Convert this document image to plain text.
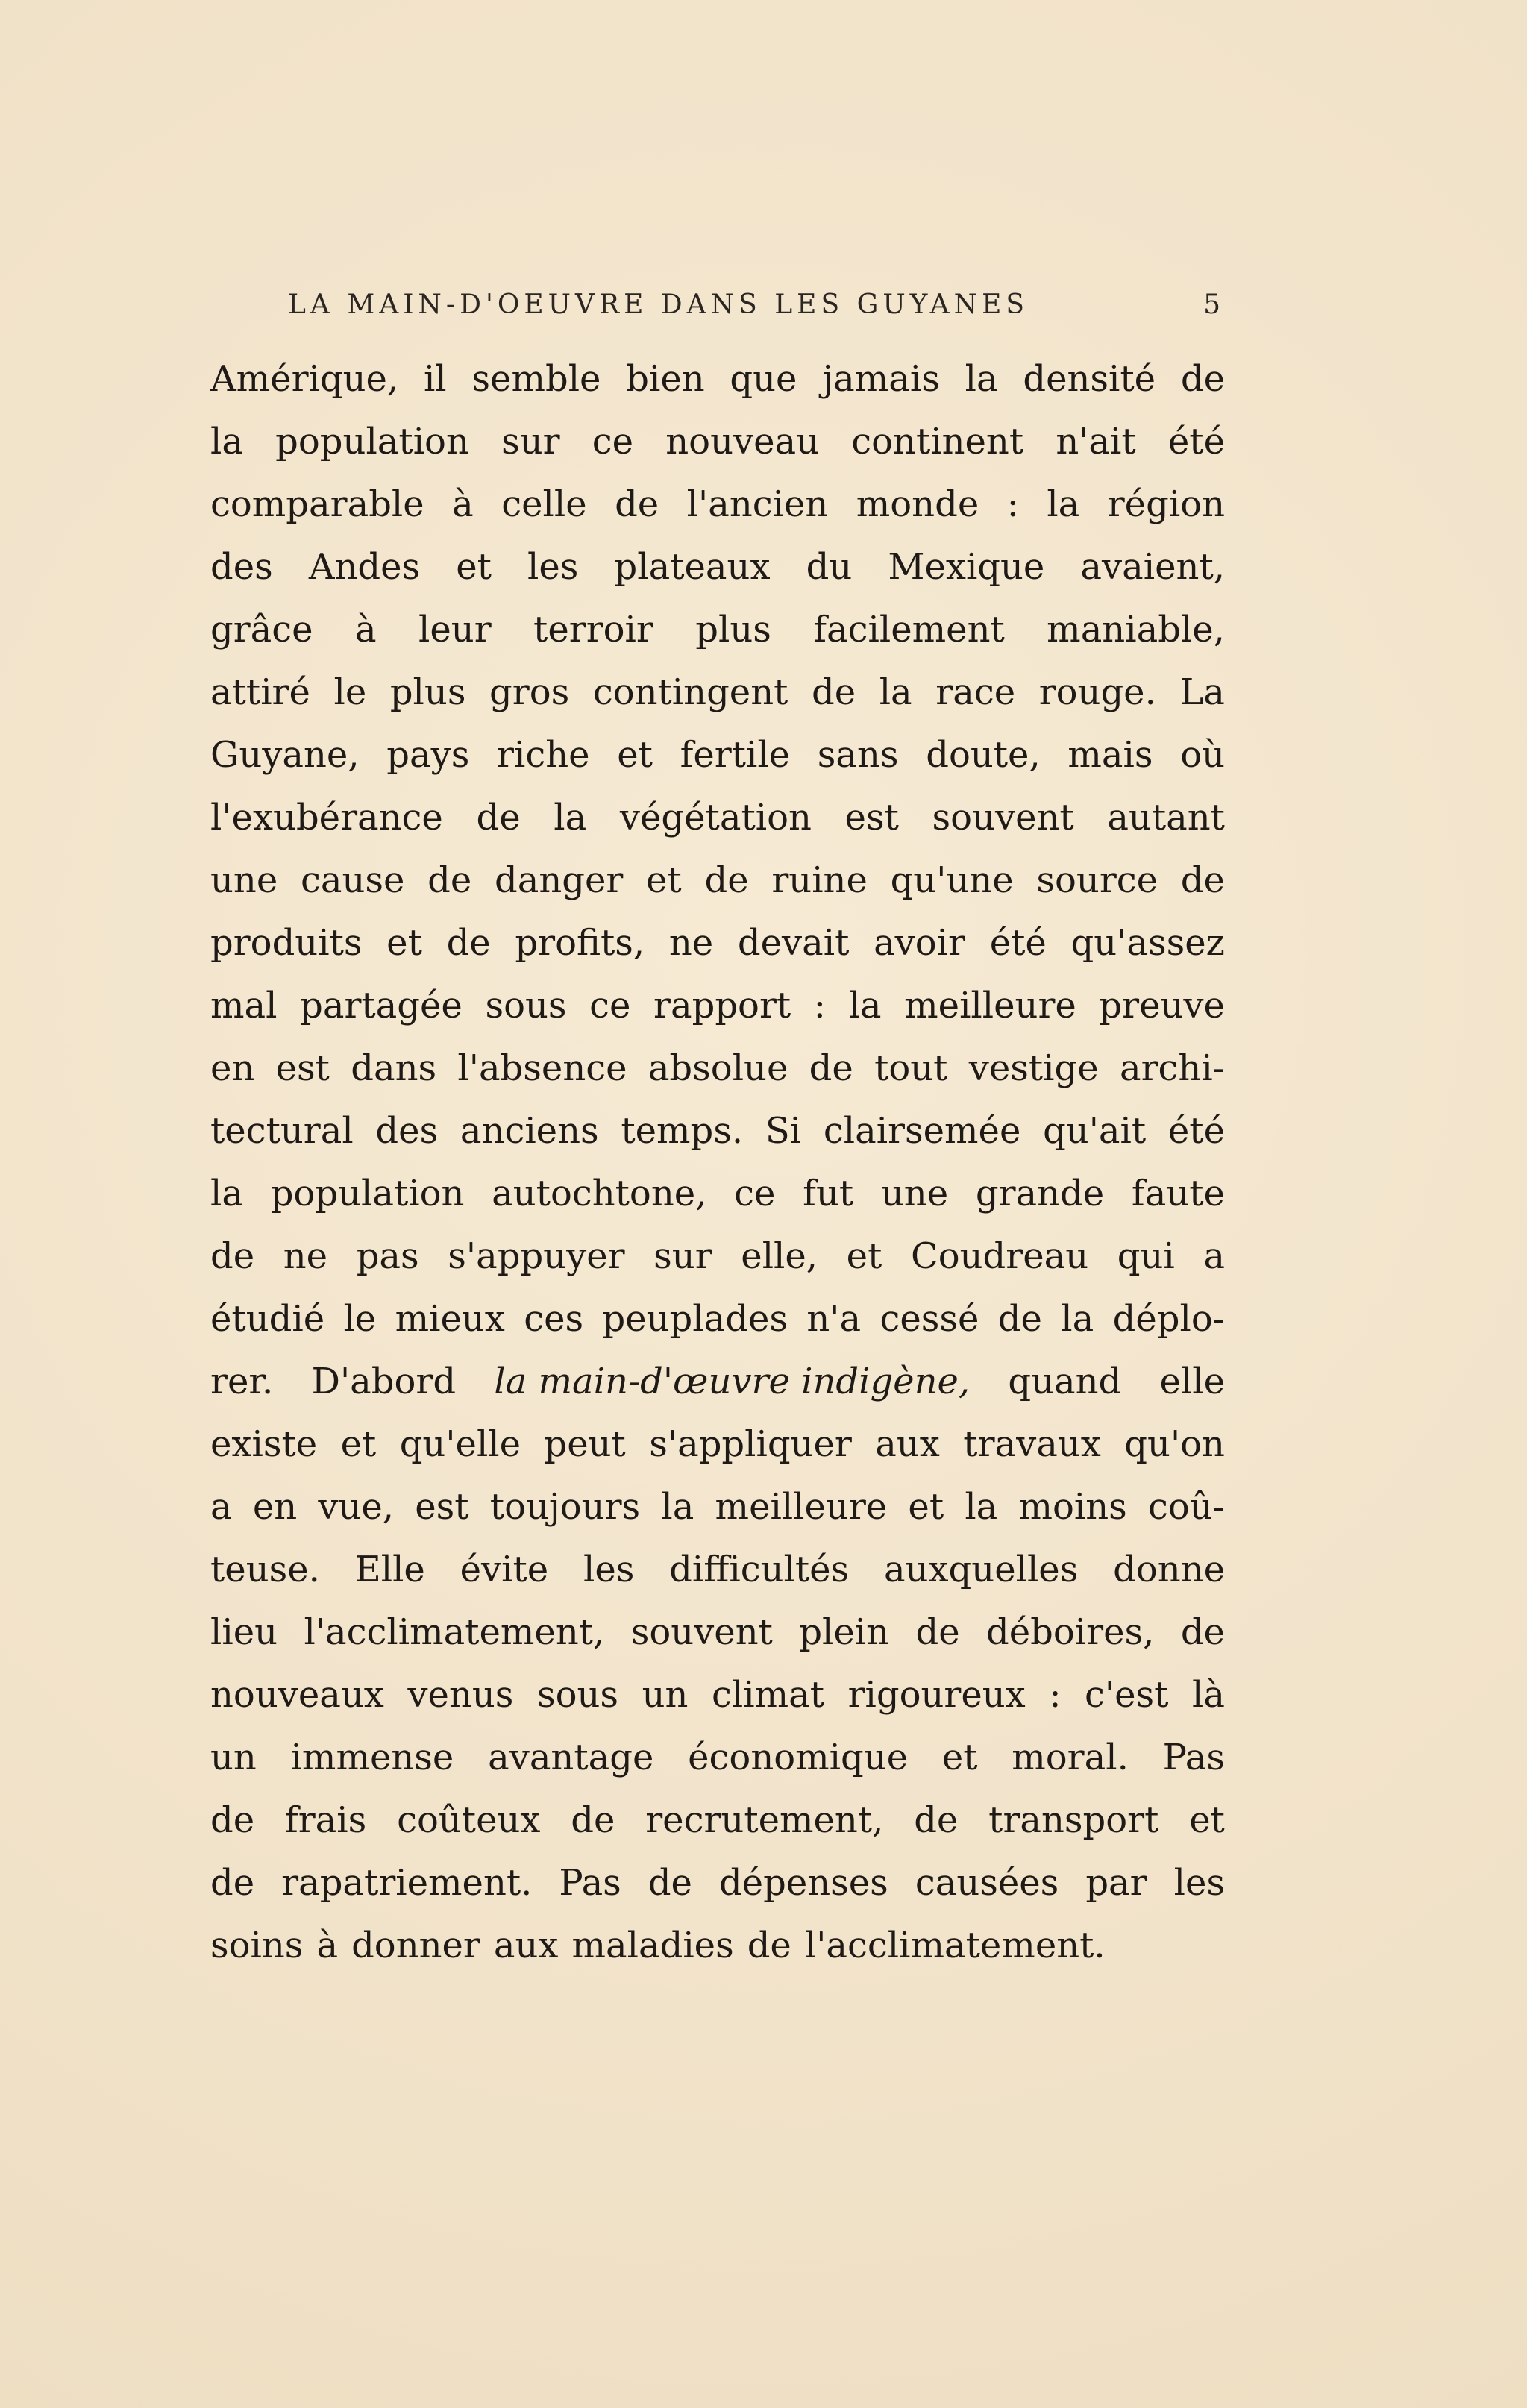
LA MAIN-D'OEUVRE DANS LES GUYANES	5
Amérique, il semble bien que jamais la densité de
la population sur ce nouveau continent n'ait été
comparable à celle de l'ancien monde : la région
des Andes et les plateaux du Mexique avaient,
grâce à leur terroir plus facilement maniable,
attiré le plus gros contingent de la race rouge. La
Guyane, pays riche et fertile sans doute, mais où
l'exubérance de la végétation est souvent autant
une cause de danger et de ruine qu'une source de
produits et de profits, ne devait avoir été qu'assez
mal partagée sous ce rapport : la meilleure preuve
en est dans l'absence absolue de tout vestige archi-
tectural des anciens temps. Si clairsemée qu'ait été
la population autochtone, ce fut une grande faute
de ne pas s'appuyer sur elle, et Coudreau qui a
étudié le mieux ces peuplades n'a cessé de la déplo-
rer. D'abord la main-d'œuvre indigène, quand elle
existe et qu'elle peut s'appliquer aux travaux qu'on
a en vue, est toujours la meilleure et la moins coû-
teuse. Elle évite les difficultés auxquelles donne
lieu l'acclimatement, souvent plein de déboires, de
nouveaux venus sous un climat rigoureux : c'est là
un immense avantage économique et moral. Pas
de frais coûteux de recrutement, de transport et
de rapatriement. Pas de dépenses causées par les
soins à donner aux maladies de l'acclimatement.
